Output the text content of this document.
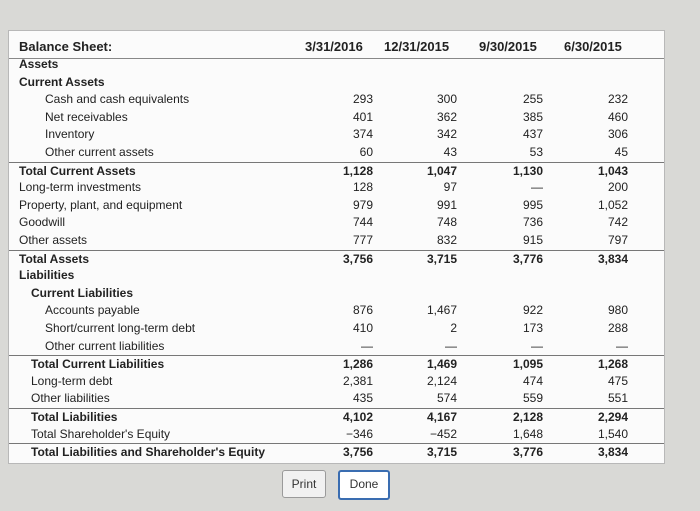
Balance Sheet:	3/31/2016 12/31/2015 9/30/2015 6/30/2015
Assets
Current Assets
Cash and cash equivalents	293	300	255	232
Net receivables	401	362	385	460
Inventory	374	342	437	306
Other current assets	60	43	53	45
Total Current Assets	1,128	1,047	1,130	1,043
Long-term investments	128	97	—	200
Property, plant, and equipment	979	991	995	1,052
Goodwill	744	748	736	742
Other assets	777	832	915	797
Total Assets	3,756	3,715	3,776	3,834
Liabilities
Current Liabilities
Accounts payable	876	1,467	922	980
Short/current long-term debt	410	2	173	288
Other current liabilities	—	—	—	—
Total Current Liabilities	1,286	1,469	1,095	1,268
Long-term debt	2,381	2,124	474	475
Other liabilities	435	574	559	551
Total Liabilities	4,102	4,167	2,128	2,294
Total Shareholder's Equity	−346	−452	1,648	1,540
Total Liabilities and Shareholder's Equity	3,756	3,715	3,776	3,834
Print	Done
